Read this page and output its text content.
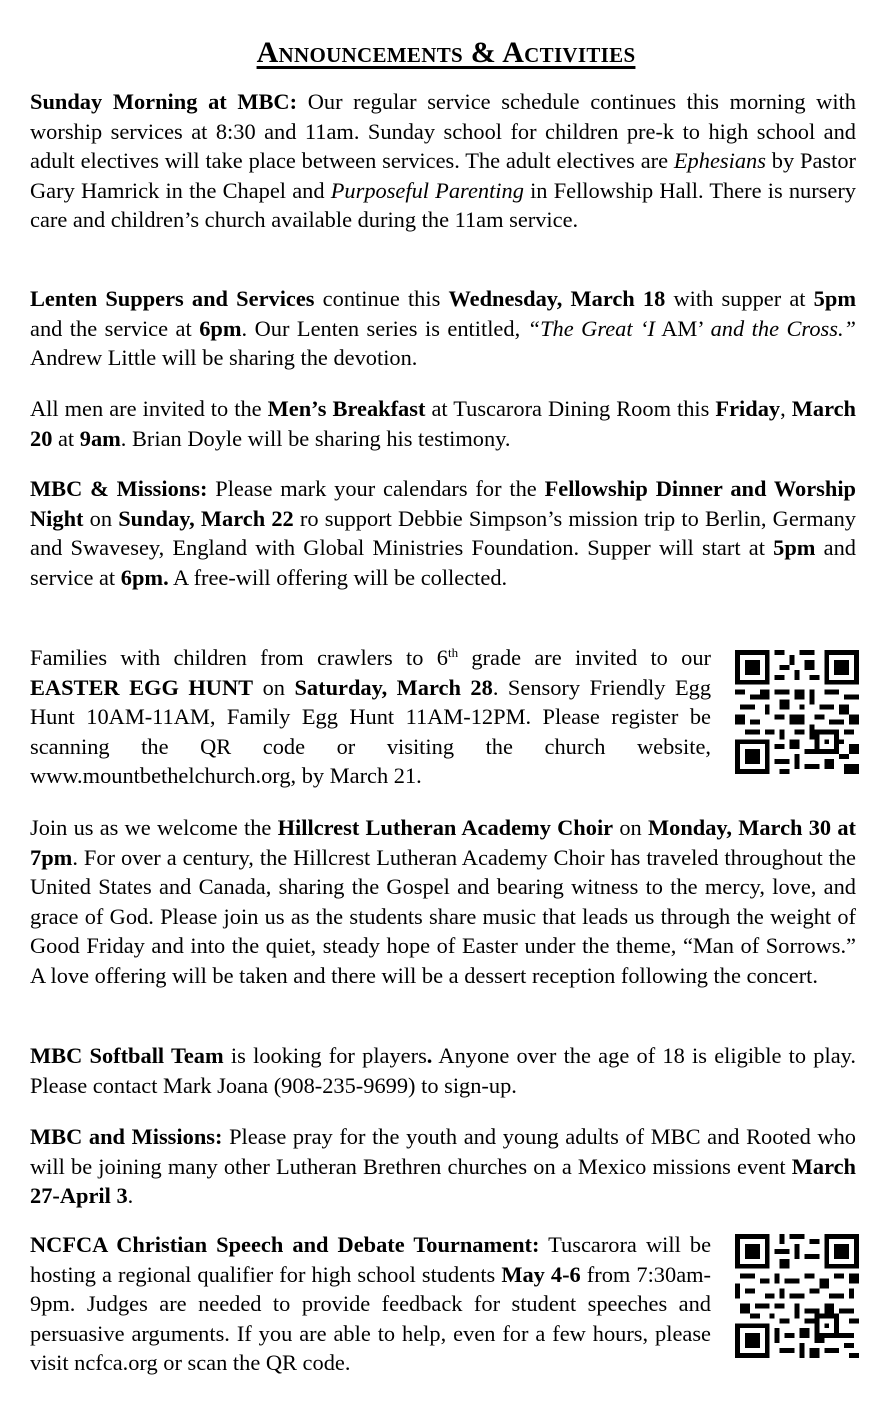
Announcements & Activities

Sunday Morning at MBC: Our regular service schedule continues this morning with worship services at 8:30 and 11am. Sunday school for children pre-k to high school and adult electives will take place between services. The adult electives are Ephesians by Pastor Gary Hamrick in the Chapel and Purposeful Parenting in Fellowship Hall. There is nursery care and children’s church available during the 11am service.

Lenten Suppers and Services continue this Wednesday, March 18 with supper at 5pm and the service at 6pm. Our Lenten series is entitled, “The Great ‘I AM’ and the Cross.” Andrew Little will be sharing the devotion.

All men are invited to the Men’s Breakfast at Tuscarora Dining Room this Friday, March 20 at 9am. Brian Doyle will be sharing his testimony.

MBC & Missions: Please mark your calendars for the Fellowship Dinner and Worship Night on Sunday, March 22 ro support Debbie Simpson’s mission trip to Berlin, Germany and Swavesey, England with Global Ministries Foundation. Supper will start at 5pm and service at 6pm. A free-will offering will be collected.

Families with children from crawlers to 6th grade are invited to our EASTER EGG HUNT on Saturday, March 28. Sensory Friendly Egg Hunt 10AM-11AM, Family Egg Hunt 11AM-12PM. Please register be scanning the QR code or visiting the church website, www.mountbethelchurch.org, by March 21.

Join us as we welcome the Hillcrest Lutheran Academy Choir on Monday, March 30 at 7pm. For over a century, the Hillcrest Lutheran Academy Choir has traveled throughout the United States and Canada, sharing the Gospel and bearing witness to the mercy, love, and grace of God. Please join us as the students share music that leads us through the weight of Good Friday and into the quiet, steady hope of Easter under the theme, “Man of Sorrows.” A love offering will be taken and there will be a dessert reception following the concert.

MBC Softball Team is looking for players. Anyone over the age of 18 is eligible to play. Please contact Mark Joana (908-235-9699) to sign-up.

MBC and Missions: Please pray for the youth and young adults of MBC and Rooted who will be joining many other Lutheran Brethren churches on a Mexico missions event March 27-April 3.

NCFCA Christian Speech and Debate Tournament: Tuscarora will be hosting a regional qualifier for high school students May 4-6 from 7:30am-9pm. Judges are needed to provide feedback for student speeches and persuasive arguments. If you are able to help, even for a few hours, please visit ncfca.org or scan the QR code.
